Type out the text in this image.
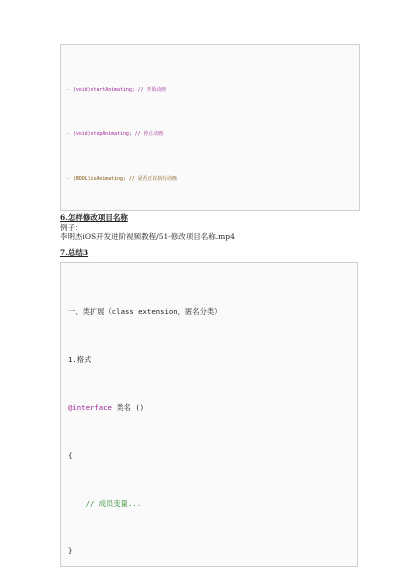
- (void)startAnimating; // 开始动画

- (void)stopAnimating; // 停止动画

- (BOOL)isAnimating; // 是否正在执行动画

6.怎样修改项目名称
例子：
李明杰iOS开发进阶视频教程/51-修改项目名称.mp4
7.总结3

一、类扩展（class extension，匿名分类）

1.格式

@interface 类名 ()

{

// 成员变量...

}
